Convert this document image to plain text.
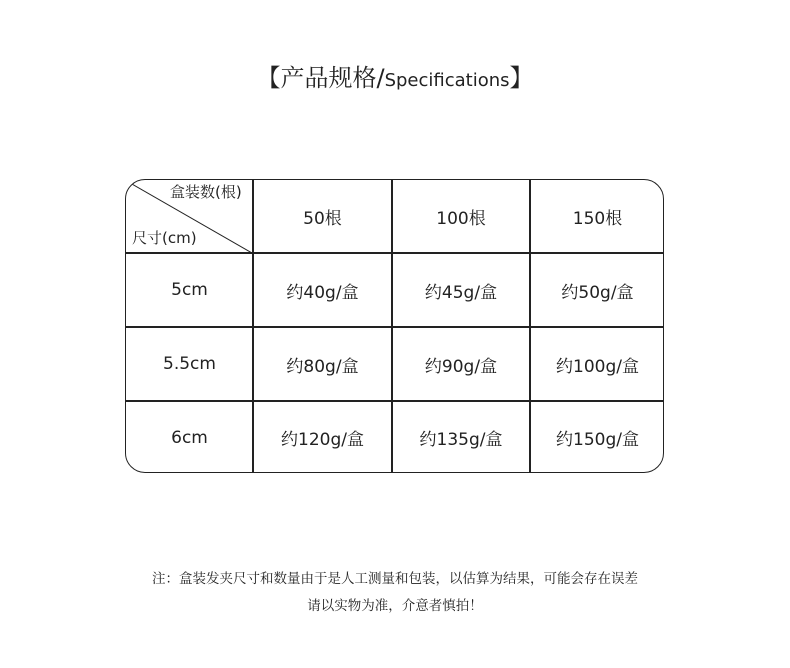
【产品规格/Specifications】
盒装数(根)
尺寸(cm)
50根	100根	150根
5cm	约40g/盒	约45g/盒	约50g/盒
5.5cm	约80g/盒	约90g/盒	约100g/盒
6cm	约120g/盒	约135g/盒	约150g/盒
注：盒装发夹尺寸和数量由于是人工测量和包装，以估算为结果，可能会存在误差
请以实物为准，介意者慎拍！
